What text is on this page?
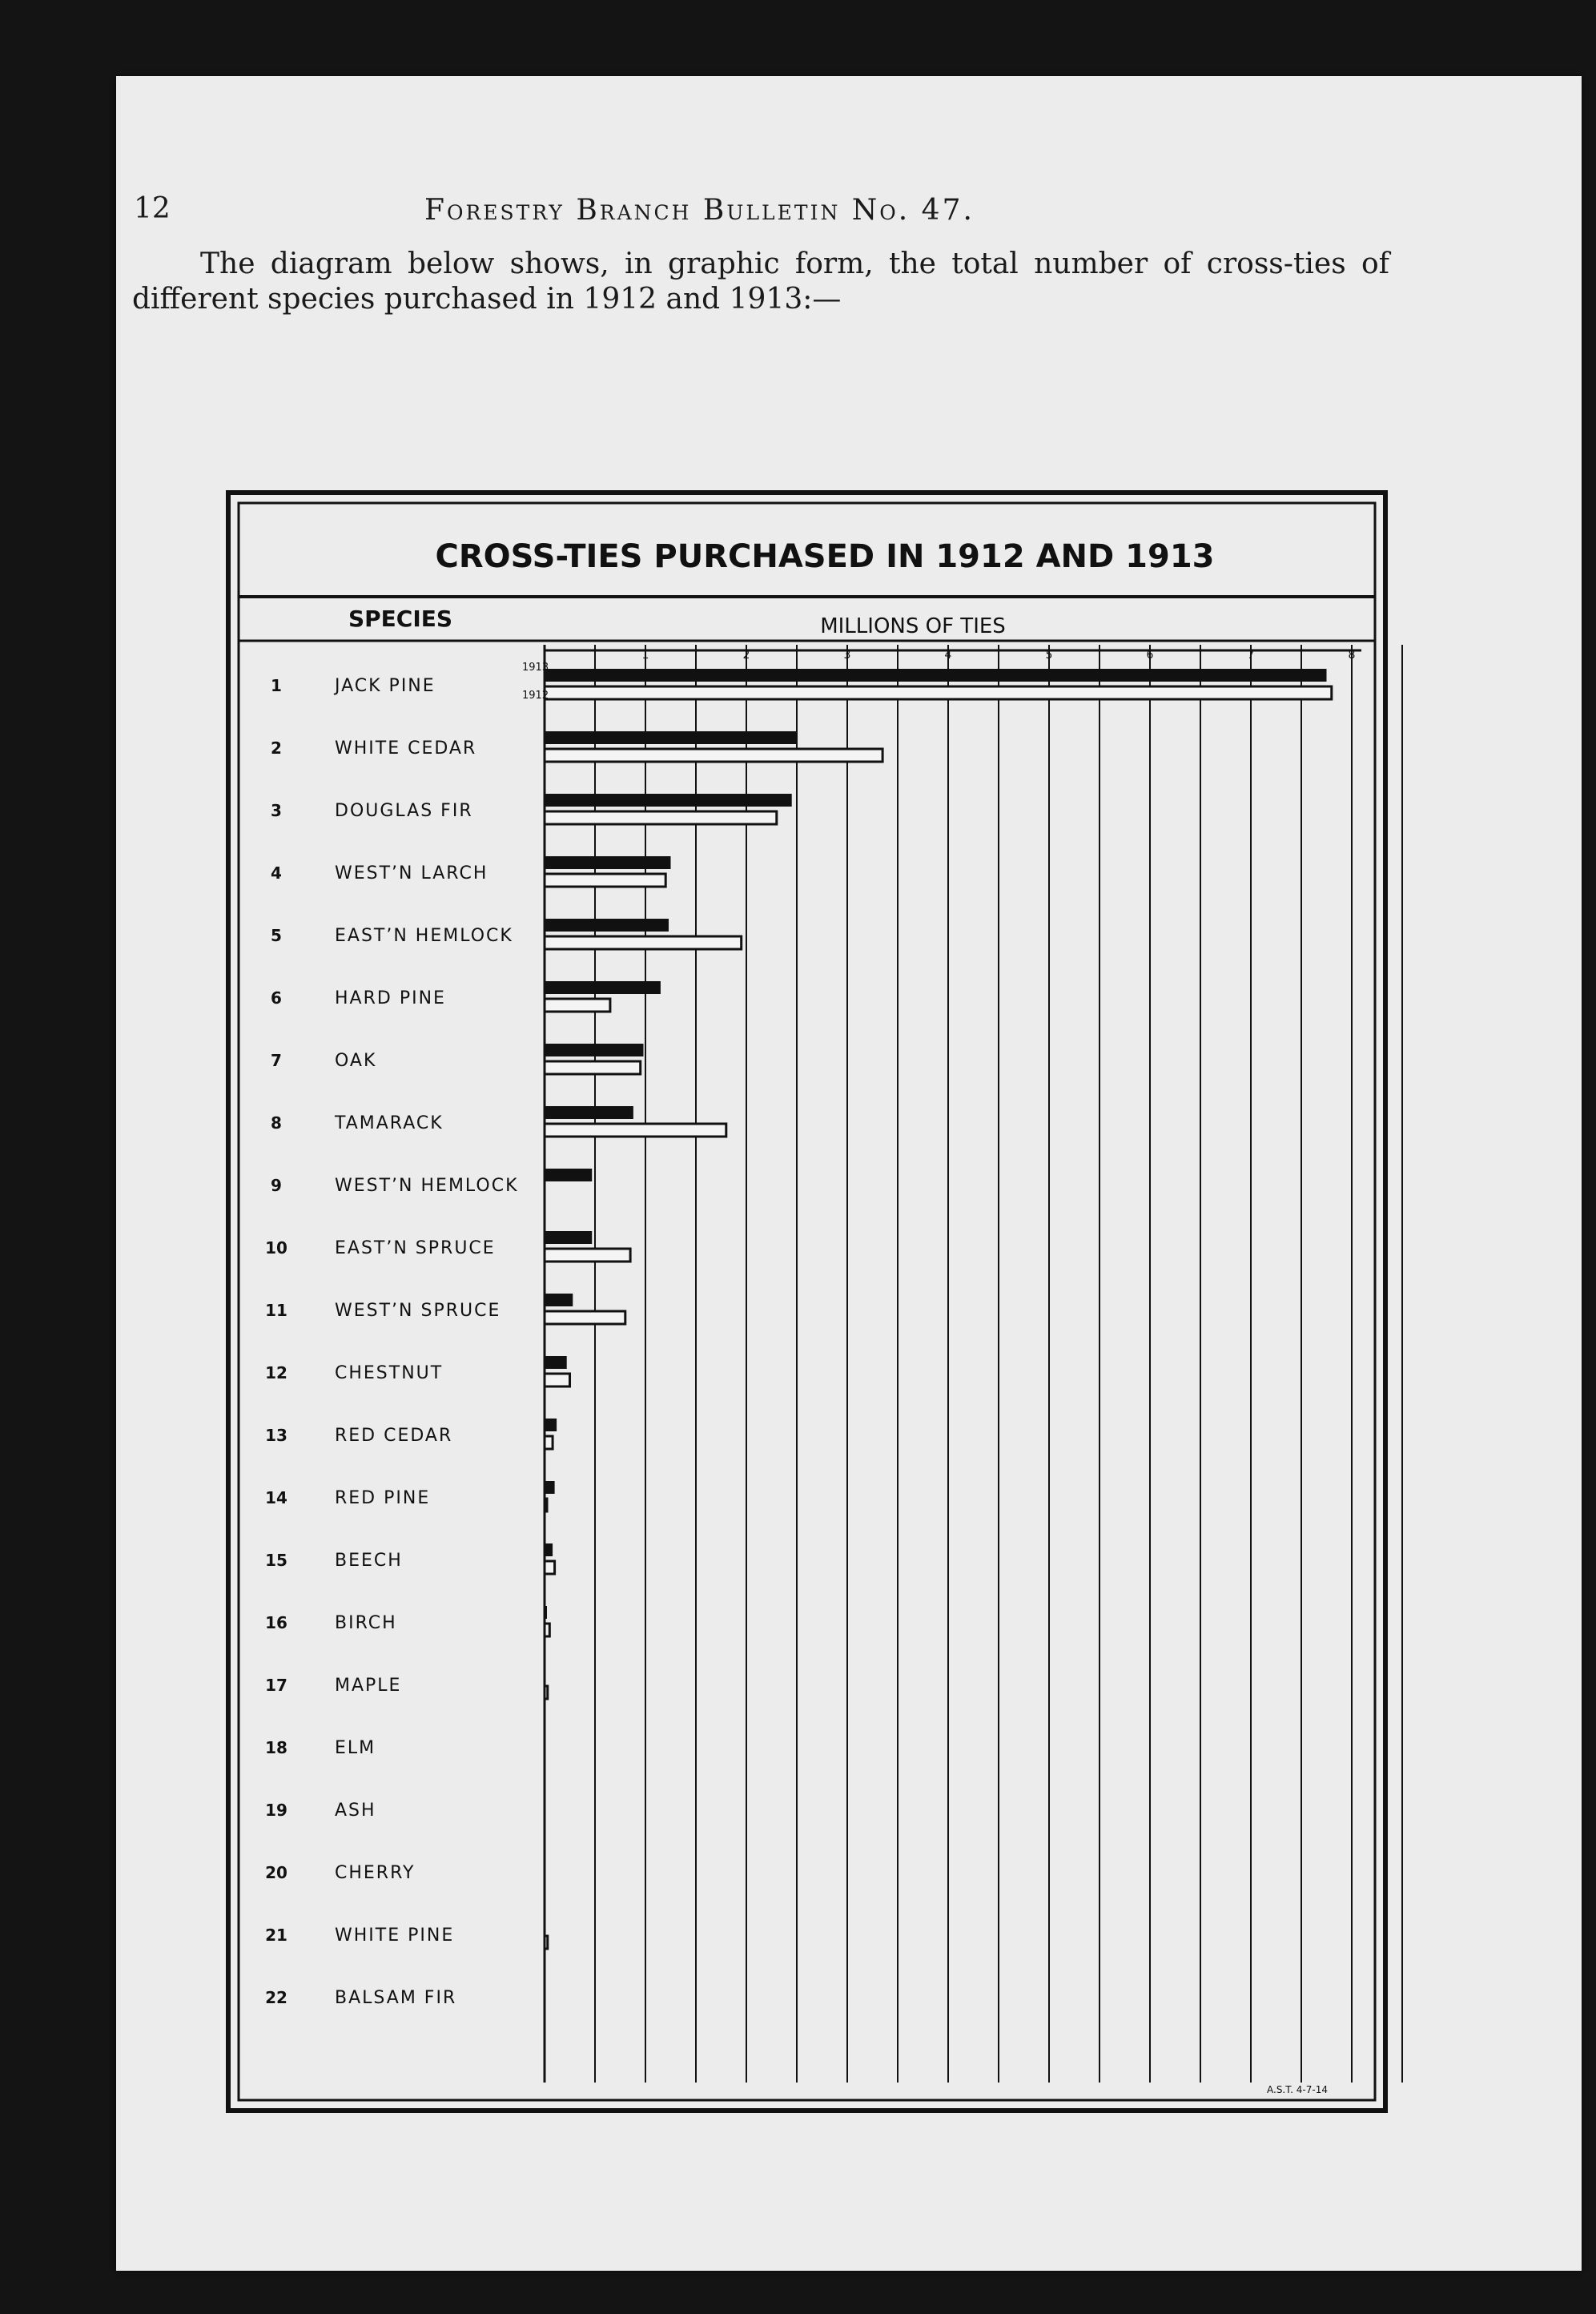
12	Forestry Branch Bulletin No. 47.
The diagram below shows, in graphic form, the total number of cross-ties of different species purchased in 1912 and 1913:—
CROSS-TIES PURCHASED IN 1912 AND 1913
SPECIES	MILLIONS OF TIES
1	2	3	4	5	6	7	8
1	JACK PINE
2	WHITE CEDAR
3	DOUGLAS FIR
4	WEST’N LARCH
5	EAST’N HEMLOCK
6	HARD PINE
7	OAK
8	TAMARACK
9	WEST’N HEMLOCK
10	EAST’N SPRUCE
11	WEST’N SPRUCE
12	CHESTNUT
13	RED CEDAR
14	RED PINE
15	BEECH
16	BIRCH
17	MAPLE
18	ELM
19	ASH
20	CHERRY
21	WHITE PINE
22	BALSAM FIR
1913
1912
A.S.T. 4-7-14
